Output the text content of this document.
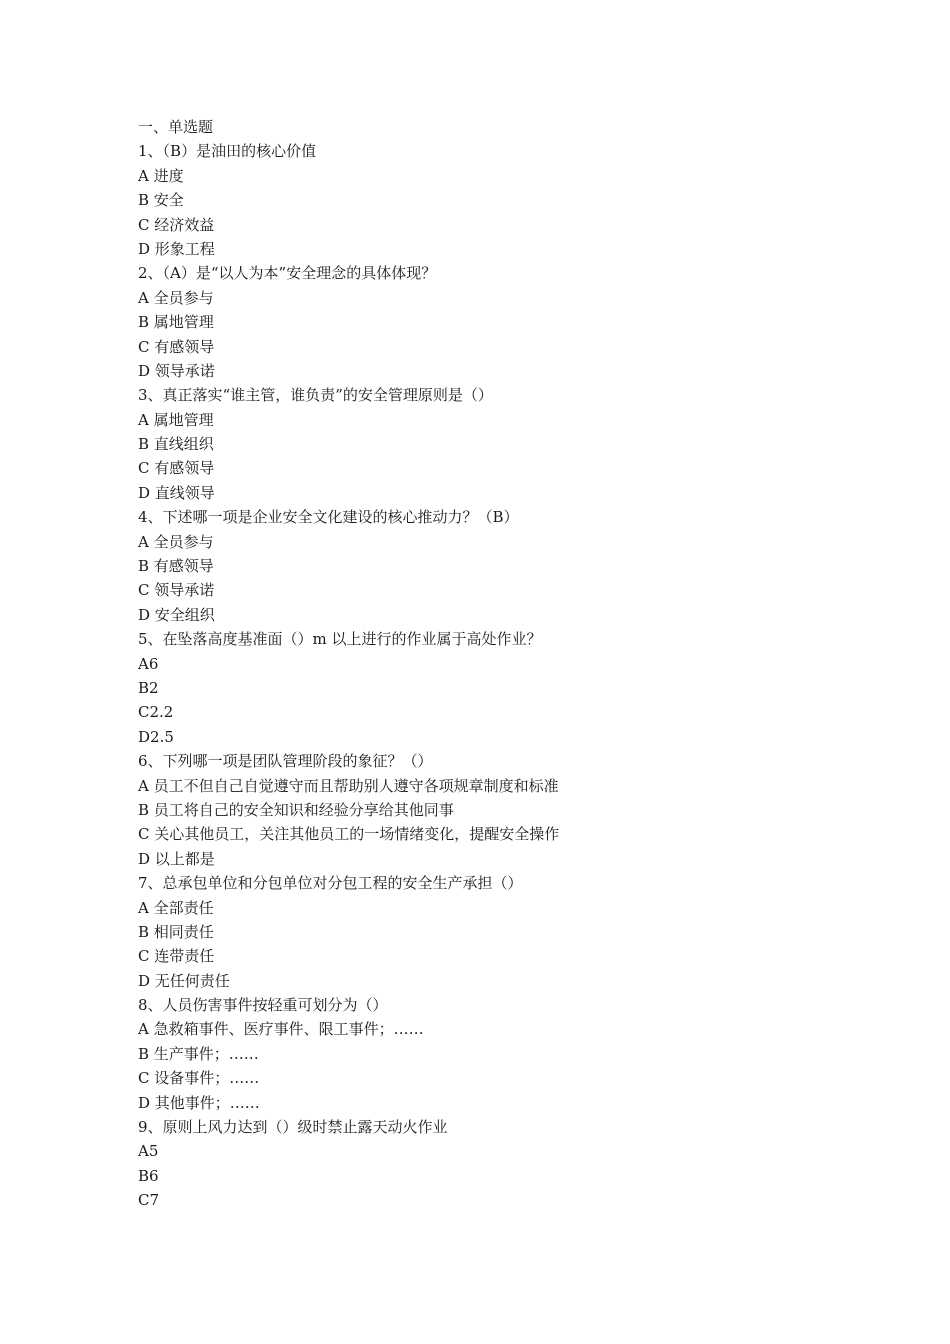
一、单选题
1、（B）是油田的核心价值
A 进度
B 安全
C 经济效益
D 形象工程
2、（A）是“以人为本”安全理念的具体体现？
A 全员参与
B 属地管理
C 有感领导
D 领导承诺
3、真正落实“谁主管，谁负责”的安全管理原则是（）
A 属地管理
B 直线组织
C 有感领导
D 直线领导
4、下述哪一项是企业安全文化建设的核心推动力？（B）
A 全员参与
B 有感领导
C 领导承诺
D 安全组织
5、在坠落高度基准面（）m 以上进行的作业属于高处作业？
A6
B2
C2.2
D2.5
6、下列哪一项是团队管理阶段的象征？（）
A 员工不但自己自觉遵守而且帮助别人遵守各项规章制度和标准
B 员工将自己的安全知识和经验分享给其他同事
C 关心其他员工，关注其他员工的一场情绪变化，提醒安全操作
D 以上都是
7、总承包单位和分包单位对分包工程的安全生产承担（）
A 全部责任
B 相同责任
C 连带责任
D 无任何责任
8、人员伤害事件按轻重可划分为（）
A 急救箱事件、医疗事件、限工事件；……
B 生产事件；……
C 设备事件；……
D 其他事件；……
9、原则上风力达到（）级时禁止露天动火作业
A5
B6
C7
